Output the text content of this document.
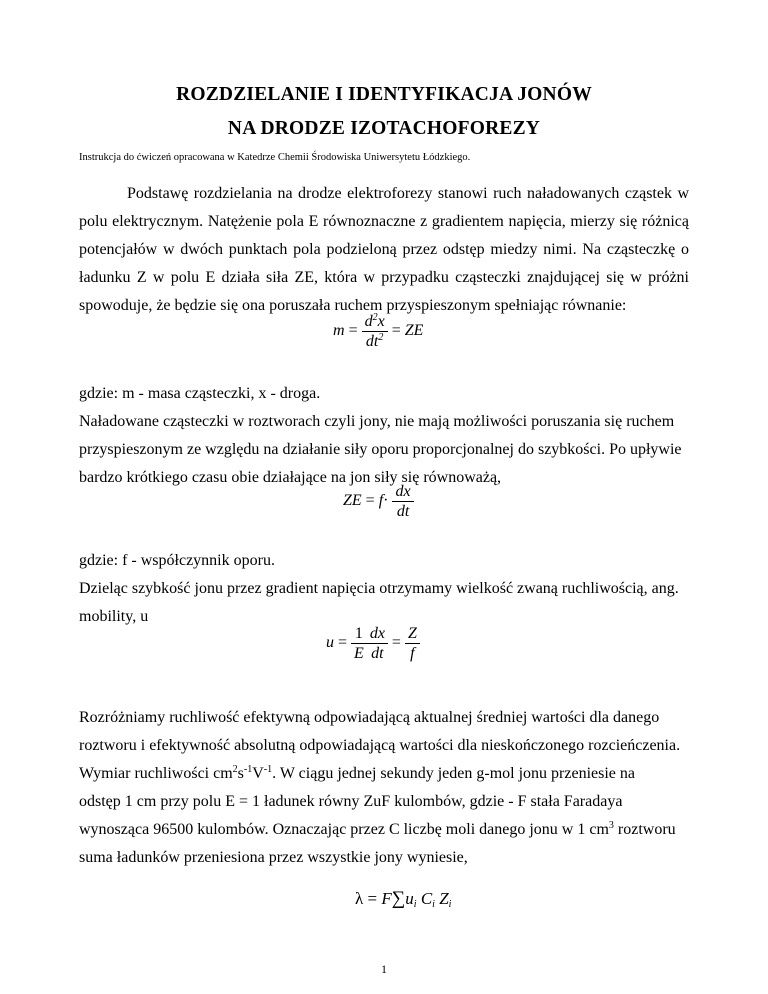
ROZDZIELANIE I IDENTYFIKACJA JONÓW
NA DRODZE IZOTACHOFOREZY
Instrukcja do ćwiczeń opracowana w Katedrze Chemii Środowiska Uniwersytetu Łódzkiego.
Podstawę rozdzielania na drodze elektroforezy stanowi ruch naładowanych cząstek w polu elektrycznym. Natężenie pola E równoznaczne z gradientem napięcia, mierzy się różnicą potencjałów w dwóch punktach pola podzieloną przez odstęp miedzy nimi. Na cząsteczkę o ładunku Z w polu E działa siła ZE, która w przypadku cząsteczki znajdującej się w próżni spowoduje, że będzie się ona poruszała ruchem przyspieszonym spełniając równanie:
$m = \frac{d^2x}{dt^2}$ = ZE
gdzie: m - masa cząsteczki, x - droga.
Naładowane cząsteczki w roztworach czyli jony, nie mają możliwości poruszania się ruchem
przyspieszonym ze względu na działanie siły oporu proporcjonalnej do szybkości. Po upływie
bardzo krótkiego czasu obie działające na jon siły się równoważą,
ZE = $f\cdot \frac{dx}{dt}$
gdzie: f - współczynnik oporu.
Dzieląc szybkość jonu przez gradient napięcia otrzymamy wielkość zwaną ruchliwością, ang.
mobility, u
$u = \frac{1}{E} \frac{dx}{dt} = \frac{Z}{f}$
Rozróżniamy ruchliwość efektywną odpowiadającą aktualnej średniej wartości dla danego
roztworu i efektywność absolutną odpowiadającą wartości dla nieskończonego rozcieńczenia.
Wymiar ruchliwości $cm^2s^{-1}V^{-1}$. W ciągu jednej sekundy jeden g-mol jonu przeniesie na
odstęp 1 cm przy polu E = 1 ładunek równy ZuF kulombów, gdzie - F stała Faradaya
wynosząca 96500 kulombów. Oznaczając przez C liczbę moli danego jonu w 1 $cm^3$ roztworu
suma ładunków przeniesiona przez wszystkie jony wyniesie,
$\lambda = F\sum u_i$ $C_i$ $Z_i$
1
